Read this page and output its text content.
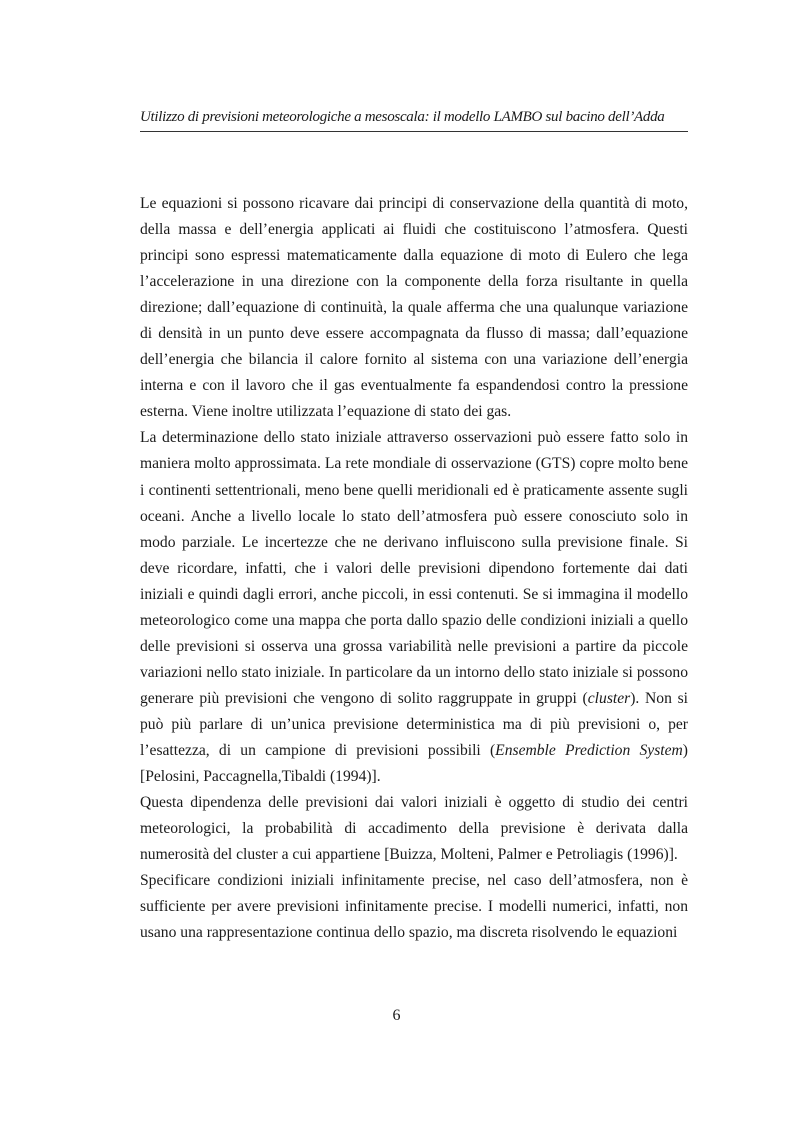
Utilizzo di previsioni meteorologiche a mesoscala: il modello LAMBO sul bacino dell’Adda

Le equazioni si possono ricavare dai principi di conservazione della quantità di moto, della massa e dell’energia applicati ai fluidi che costituiscono l’atmosfera. Questi principi sono espressi matematicamente dalla equazione di moto di Eulero che lega l’accelerazione in una direzione con la componente della forza risultante in quella direzione; dall’equazione di continuità, la quale afferma che una qualunque variazione di densità in un punto deve essere accompagnata da flusso di massa; dall’equazione dell’energia che bilancia il calore fornito al sistema con una variazione dell’energia interna e con il lavoro che il gas eventualmente fa espandendosi contro la pressione esterna. Viene inoltre utilizzata l’equazione di stato dei gas.

La determinazione dello stato iniziale attraverso osservazioni può essere fatto solo in maniera molto approssimata. La rete mondiale di osservazione (GTS) copre molto bene i continenti settentrionali, meno bene quelli meridionali ed è praticamente assente sugli oceani. Anche a livello locale lo stato dell’atmosfera può essere conosciuto solo in modo parziale. Le incertezze che ne derivano influiscono sulla previsione finale. Si deve ricordare, infatti, che i valori delle previsioni dipendono fortemente dai dati iniziali e quindi dagli errori, anche piccoli, in essi contenuti. Se si immagina il modello meteorologico come una mappa che porta dallo spazio delle condizioni iniziali a quello delle previsioni si osserva una grossa variabilità nelle previsioni a partire da piccole variazioni nello stato iniziale. In particolare da un intorno dello stato iniziale si possono generare più previsioni che vengono di solito raggruppate in gruppi (cluster). Non si può più parlare di un’unica previsione deterministica ma di più previsioni o, per l’esattezza, di un campione di previsioni possibili (Ensemble Prediction System) [Pelosini, Paccagnella,Tibaldi (1994)].

Questa dipendenza delle previsioni dai valori iniziali è oggetto di studio dei centri meteorologici, la probabilità di accadimento della previsione è derivata dalla numerosità del cluster a cui appartiene [Buizza, Molteni, Palmer e Petroliagis (1996)].

Specificare condizioni iniziali infinitamente precise, nel caso dell’atmosfera, non è sufficiente per avere previsioni infinitamente precise. I modelli numerici, infatti, non usano una rappresentazione continua dello spazio, ma discreta risolvendo le equazioni

6
